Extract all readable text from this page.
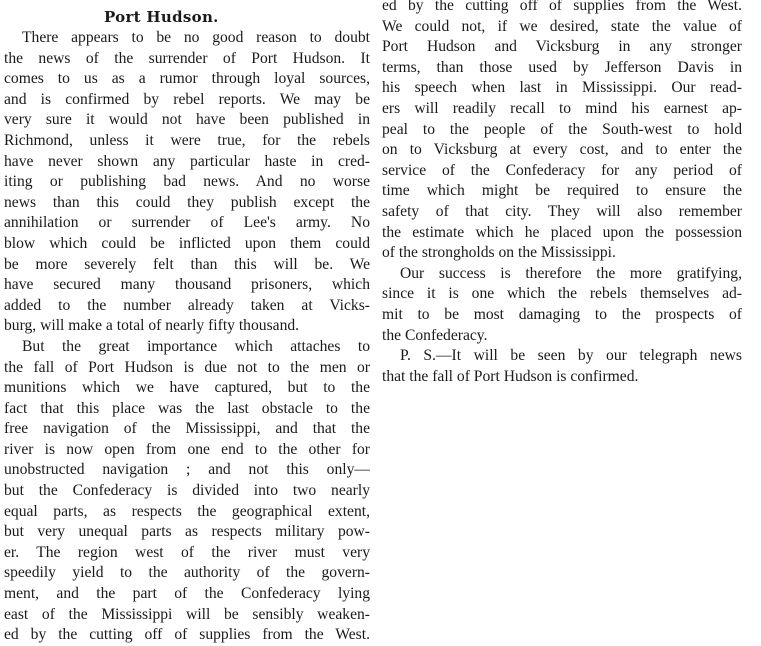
Port Hudson.
There appears to be no good reason to doubt
the news of the surrender of Port Hudson. It
comes to us as a rumor through loyal sources,
and is confirmed by rebel reports. We may be
very sure it would not have been published in
Richmond, unless it were true, for the rebels
have never shown any particular haste in cred-
iting or publishing bad news. And no worse
news than this could they publish except the
annihilation or surrender of Lee's army. No
blow which could be inflicted upon them could
be more severely felt than this will be. We
have secured many thousand prisoners, which
added to the number already taken at Vicks-
burg, will make a total of nearly fifty thousand.
But the great importance which attaches to
the fall of Port Hudson is due not to the men or
munitions which we have captured, but to the
fact that this place was the last obstacle to the
free navigation of the Mississippi, and that the
river is now open from one end to the other for
unobstructed navigation ; and not this only—
but the Confederacy is divided into two nearly
equal parts, as respects the geographical extent,
but very unequal parts as respects military pow-
er. The region west of the river must very
speedily yield to the authority of the govern-
ment, and the part of the Confederacy lying
east of the Mississippi will be sensibly weaken-
ed by the cutting off of supplies from the West.
ed by the cutting off of supplies from the West.
We could not, if we desired, state the value of
Port Hudson and Vicksburg in any stronger
terms, than those used by Jefferson Davis in
his speech when last in Mississippi. Our read-
ers will readily recall to mind his earnest ap-
peal to the people of the South-west to hold
on to Vicksburg at every cost, and to enter the
service of the Confederacy for any period of
time which might be required to ensure the
safety of that city. They will also remember
the estimate which he placed upon the possession
of the strongholds on the Mississippi.
Our success is therefore the more gratifying,
since it is one which the rebels themselves ad-
mit to be most damaging to the prospects of
the Confederacy.
P. S.—It will be seen by our telegraph news
that the fall of Port Hudson is confirmed.
